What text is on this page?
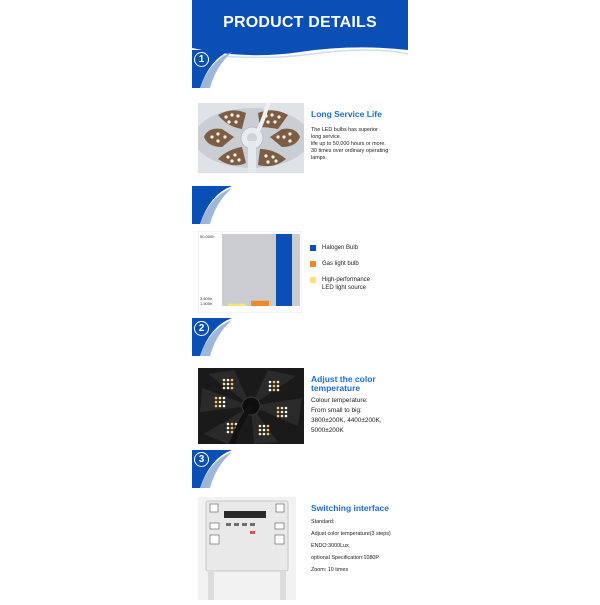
PRODUCT DETAILS
1
Long Service Life
The LED bulbs has superior
long service.
life up to 50,000 hours or more.
30 times over ordinary operating
lamps.
50,000h
3,600h
1,500h
Halogen Bulb
Gas light bulb
High-performance
LED light source
2
Adjust the color
temperature
Colour temperature:
From small to big:
3800±200K, 4400±200K,
5000±200K
3
Switching interface
Standard:
Adjust color temperature(3 steps)
ENDO:3000Lux
optional Specification:1080P
Zoom: 10 times
